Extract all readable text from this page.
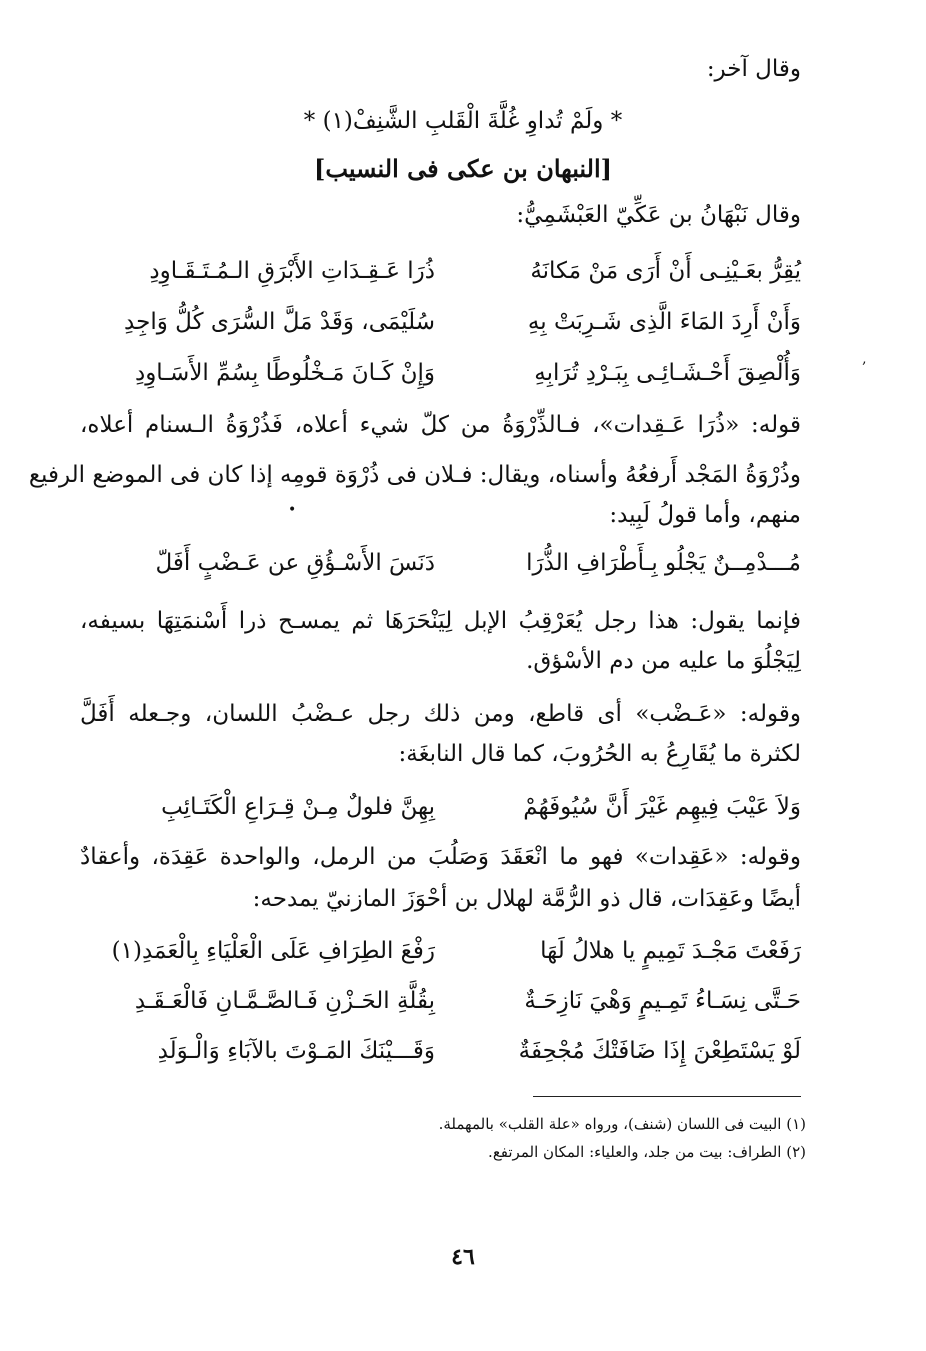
وقال آخر:
* ولَمْ تُداوِ غُلَّةَ الْقَلبِ الشَّنِفْ(١) *
[النبهان بن عكى فى النسيب]
وقال نَبْهَانُ بن عَكِّيّ العَبْشَمِيُّ:
يُقِرُّ بعَـيْنِـى أَنْ أَرَى مَنْ مَكانَهُ
ذُرَا عَـقِـدَاتِ الأَبْرَقِ الـمُـتَـقَـاوِدِ
وَأَنْ أَرِدَ المَاءَ الَّذِى شَـرِبَتْ بِهِ
سُلَيْمَى، وَقَدْ مَلَّ السُّرَى كُلُّ وَاجِدِ
وَأُلْصِقَ أَحْـشَـائِـى بِبَـرْدِ تُرَابِهِ
وَإِنْ كَـانَ مَـخْلُوطًا بِسُمِّ الأَسَـاوِدِ
قوله: «ذُرَا عَـقِدات»، فـالذِّرْوَةُ من كلّ شيء أعلاه، فَذُرْوَةُ الـسنام أعلاه،
وذُرْوَةُ المَجْد أَرفعُهُ وأسناه، ويقال: فـلان فى ذُرْوَة قومِه إذا كان فى الموضع الرفيع
منهم، وأما قولُ لَبِيد:
•
مُـــدْمِــنٌ يَجْلُو بِـأَطْرَافِ الذُّرَا
دَنَسَ الأَسْـؤُقِ عن عَـضْبٍ أَفَلّ
فإنما يقول: هذا رجل يُعَرْقِبُ الإبل لِيَنْحَرَهَا ثم يمسـح ذرا أَسْنمَتِهَا بسيفه،
لِيَجْلُوَ ما عليه من دم الأسْؤق.
وقوله: «عَـضْب» أى قاطع، ومن ذلك رجل عـضْبُ اللسان، وجـعله أَفَلَّ
لكثرة ما يُقَارِعُ به الحُرُوبَ، كما قال النابغَة:
وَلاَ عَيْبَ فِيهِم غَيْرَ أَنَّ سُيُوفَهُمْ
بِهِنَّ فلولٌ مِـنْ قِـرَاعِ الْكَتَـائِبِ
وقوله: «عَقِدات» فهو ما انْعَقَدَ وَصَلُبَ من الرمل، والواحدة عَقِدَة، وأعقادٌ
أيضًا وعَقِدَات، قال ذو الرُّمَّة لهلال بن أحْوَزَ المازنيّ يمدحه:
رَفَعْتَ مَجْـدَ تَمِيمٍ يا هلالُ لَهَا
رَفْعَ الطِرَافِ عَلَى الْعَلْيَاءِ بِالْعَمَدِ(١)
حَـتَّى نِسَـاءُ تَمِـيمٍ وَهْيَ نَازِحَـةٌ
بِقُلَّةِ الحَـزْنِ فَـالصَّـمَّـانِ فَالْعَـقَـدِ
لَوْ يَسْتَطِعْنَ إِذَا ضَافَتْكَ مُجْحِفَةٌ
وَقَـــيْنَكَ المَـوْتَ بالآبَاءِ وَالْـوَلَدِ
(١) البيت فى اللسان (شنف)، ورواه «علة القلب» بالمهملة.
(٢) الطراف: بيت من جلد، والعلياء: المكان المرتفع.
٤٦
‚
